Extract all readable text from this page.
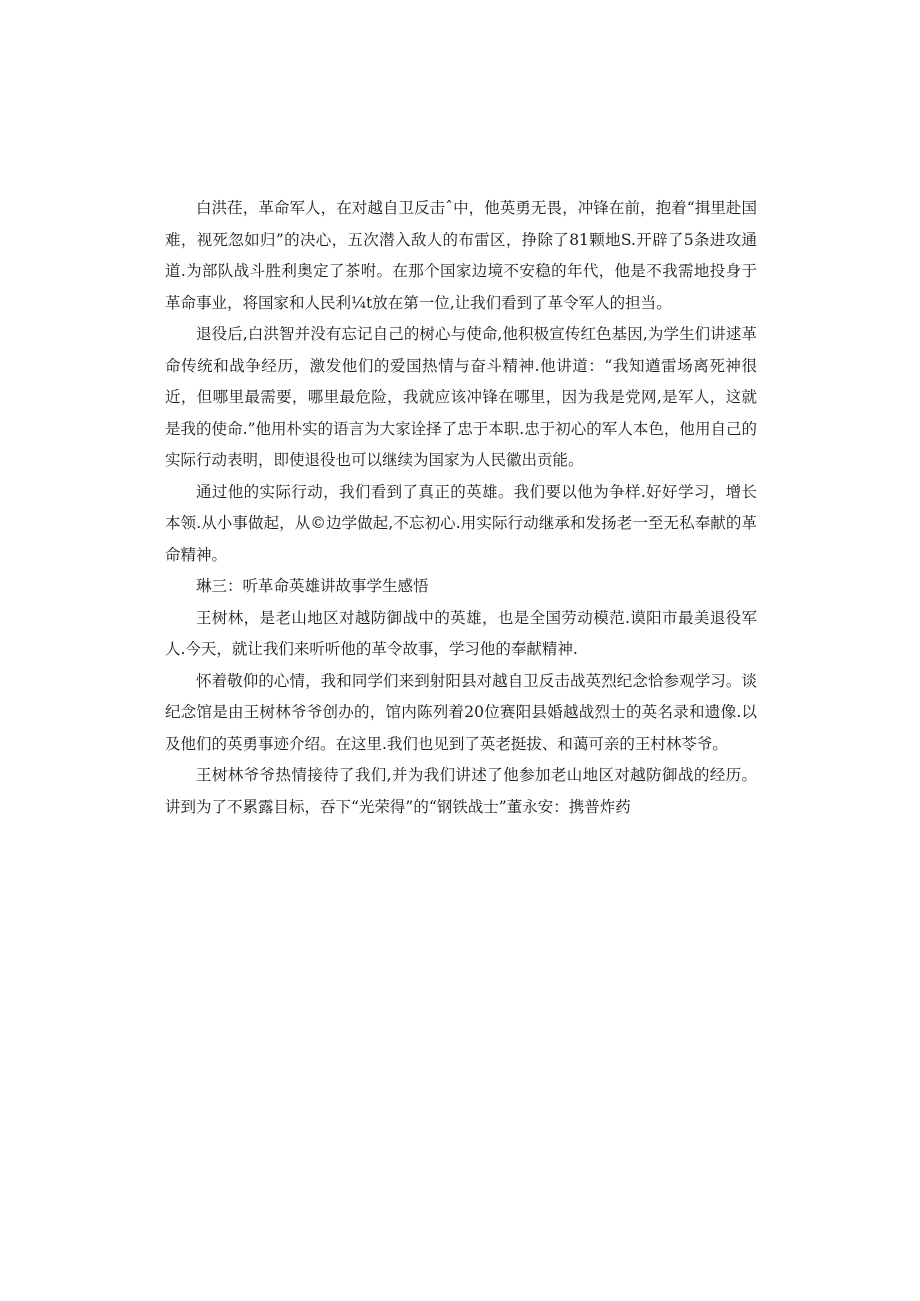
白洪荏，革命军人，在对越自卫反击ˆ中，他英勇无畏，冲锋在前，抱着“揖里赴国难，视死忽如归”的决心，五次潜入敌人的布雷区，挣除了81颗地S.开辟了5条进攻通道.为部队战斗胜利奥定了茶咐。在那个国家边境不安稳的年代，他是不我需地投身于革命事业，将国家和人民利¼t放在第一位,让我们看到了革令军人的担当。

退役后,白洪智并没有忘记自己的树心与使命,他积极宣传红色基因,为学生们讲逑革命传统和战争经历，激发他们的爱国热情与奋斗精神.他讲道：“我知遒雷场离死神很近，但哪里最需要，哪里最危险，我就应该冲锋在哪里，因为我是党网,是军人，这就是我的使命.”他用朴实的语言为大家诠择了忠于本职.忠于初心的军人本色，他用自己的实际行动表明，即使退役也可以继续为国家为人民徽出贡能。

通过他的实际行动，我们看到了真正的英雄。我们要以他为争样.好好学习，增长本领.从小事做起，从©边学做起,不忘初心.用实际行动继承和发扬老一至无私奉献的革命精神。

琳三：听革命英雄讲故事学生感悟

王树林，是老山地区对越防御战中的英雄，也是全国劳动模范.谟阳市最美退役军人.今天，就让我们来听听他的革令故事，学习他的奉献精神.

怀着敬仰的心情，我和同学们来到射阳县对越自卫反击战英烈纪念恰参观学习。谈纪念馆是由王树林爷爷创办的，馆内陈列着20位赛阳县婚越战烈士的英名录和遗像.以及他们的英勇事迹介绍。在这里.我们也见到了英老挺拔、和蔼可亲的王村林苓爷。

王树林爷爷热情接待了我们,并为我们讲述了他参加老山地区对越防御战的经历。讲到为了不累露目标，吞下“光荣得”的“钢铁战士”董永安：携普炸药
